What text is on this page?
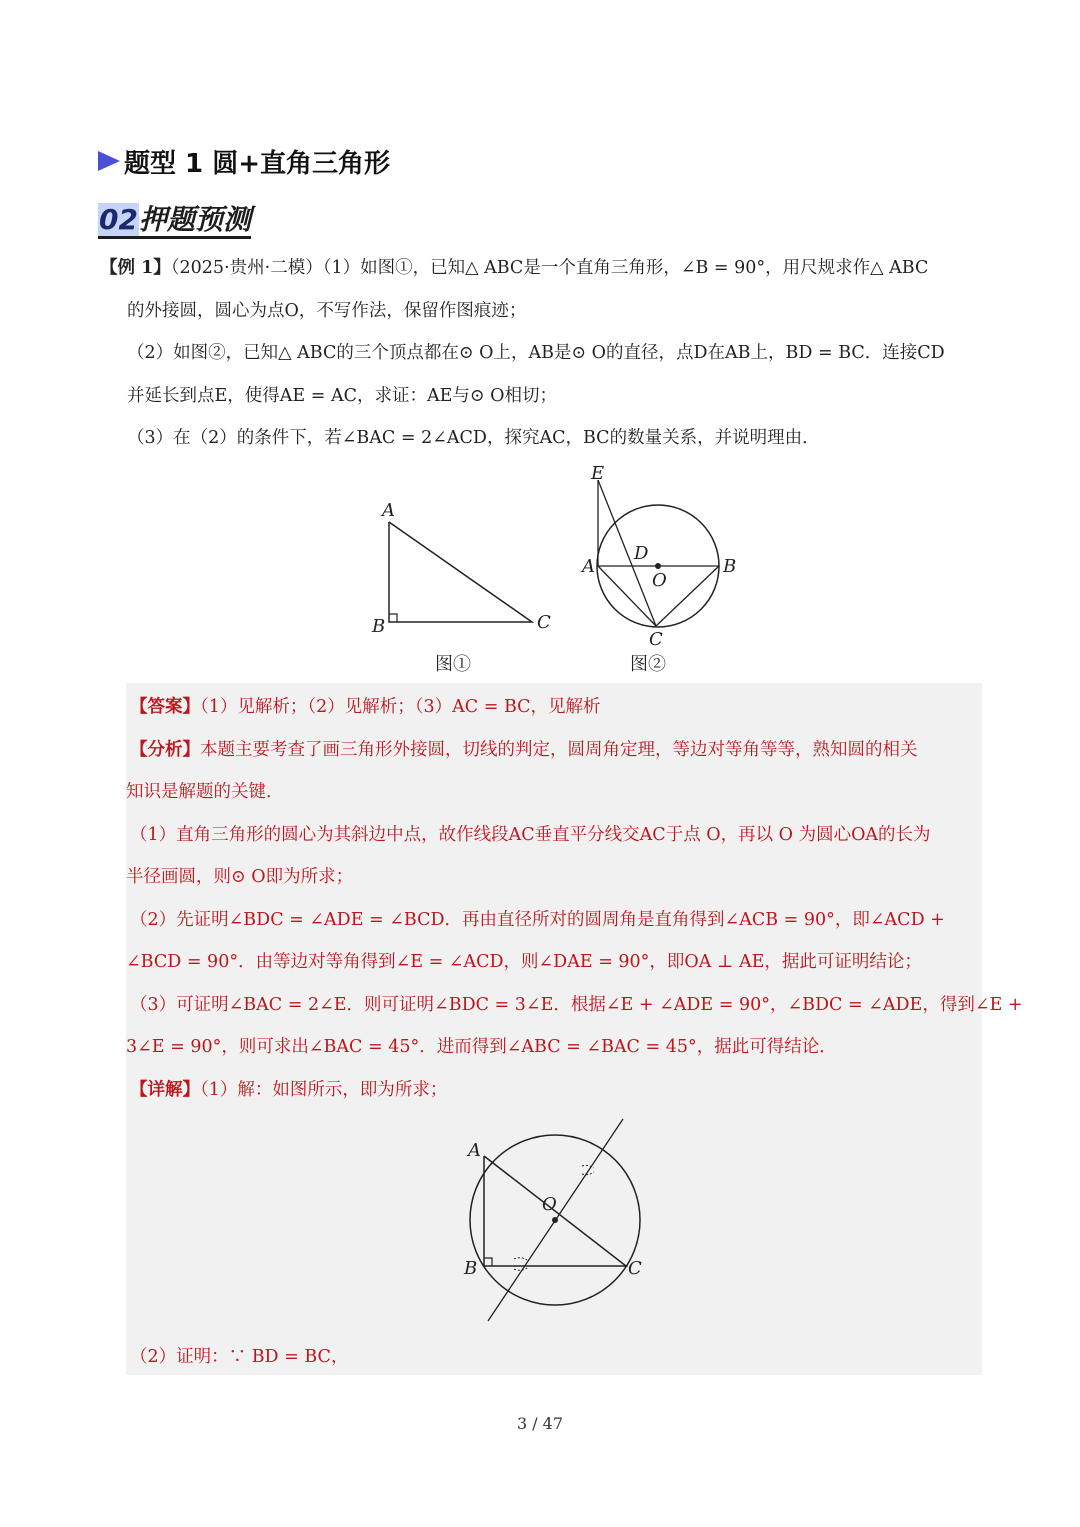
题型 1 圆+直角三角形
02押题预测
【例 1】（2025·贵州·二模）（1）如图①，已知△ ABC是一个直角三角形，∠B = 90°，用尺规求作△ ABC
的外接圆，圆心为点O，不写作法，保留作图痕迹；
（2）如图②，已知△ ABC的三个顶点都在⊙ O上，AB是⊙ O的直径，点D在AB上，BD = BC．连接CD
并延长到点E，使得AE = AC，求证：AE与⊙ O相切；
（3）在（2）的条件下，若∠BAC = 2∠ACD，探究AC，BC的数量关系，并说明理由．
A
B	C
图①
E
A	B
C
D
O
图②
【答案】（1）见解析；（2）见解析；（3）AC = BC，见解析
【分析】本题主要考查了画三角形外接圆，切线的判定，圆周角定理，等边对等角等等，熟知圆的相关
知识是解题的关键．
（1）直角三角形的圆心为其斜边中点，故作线段AC垂直平分线交AC于点 O，再以 O 为圆心OA的长为
半径画圆，则⊙ O即为所求；
（2）先证明∠BDC = ∠ADE = ∠BCD．再由直径所对的圆周角是直角得到∠ACB = 90°，即∠ACD +
∠BCD = 90°．由等边对等角得到∠E = ∠ACD，则∠DAE = 90°，即OA ⊥ AE，据此可证明结论；
（3）可证明∠BAC = 2∠E．则可证明∠BDC = 3∠E．根据∠E + ∠ADE = 90°，∠BDC = ∠ADE，得到∠E +
3∠E = 90°，则可求出∠BAC = 45°．进而得到∠ABC = ∠BAC = 45°，据此可得结论．
【详解】（1）解：如图所示，即为所求；
A
B	C
O
（2）证明：∵ BD = BC，
3 / 47
